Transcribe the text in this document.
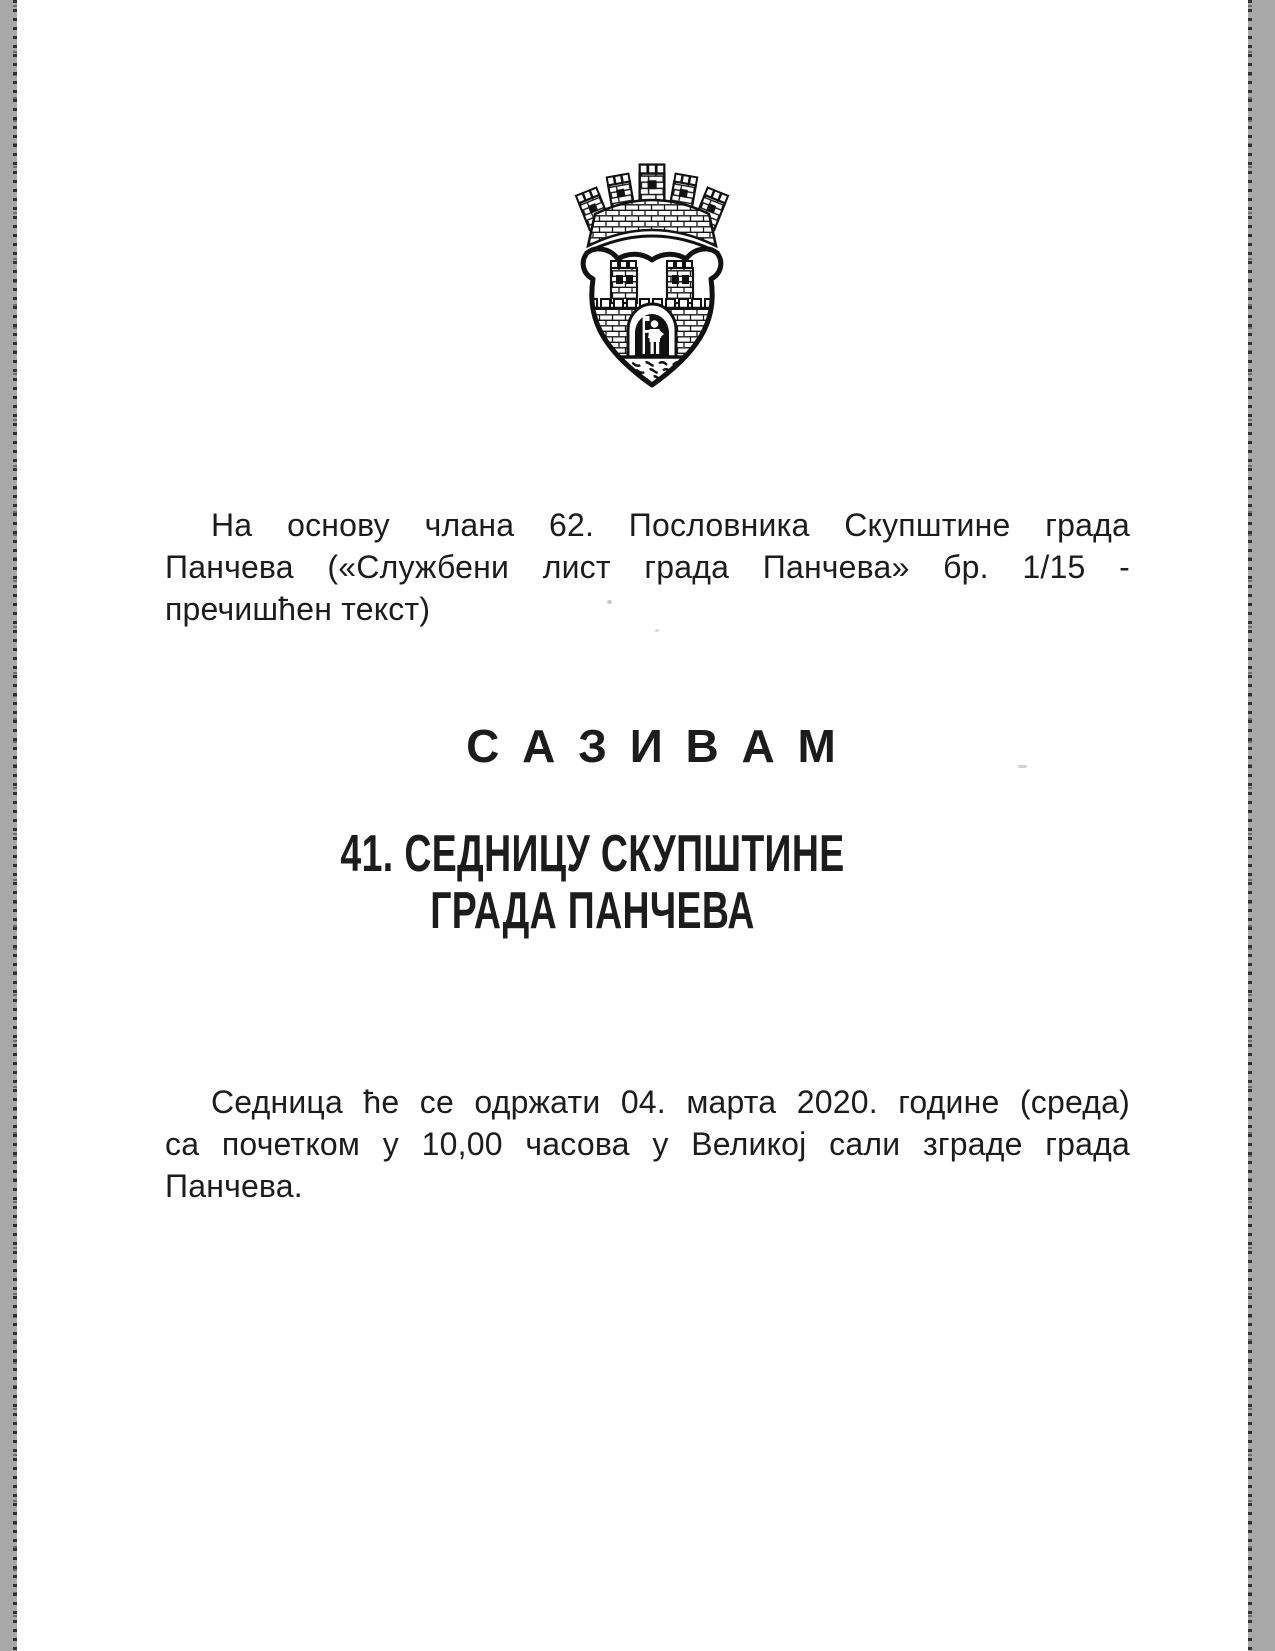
На основу члана 62. Пословника Скупштине града
Панчева («Службени лист града Панчева» бр. 1/15 -
пречишћен текст)
С А З И В А М
41. СЕДНИЦУ СКУПШТИНЕ
ГРАДА ПАНЧЕВА
Седница ће се одржати 04. марта 2020. године (среда)
са почетком у 10,00 часова у Великој сали зграде града
Панчева.
